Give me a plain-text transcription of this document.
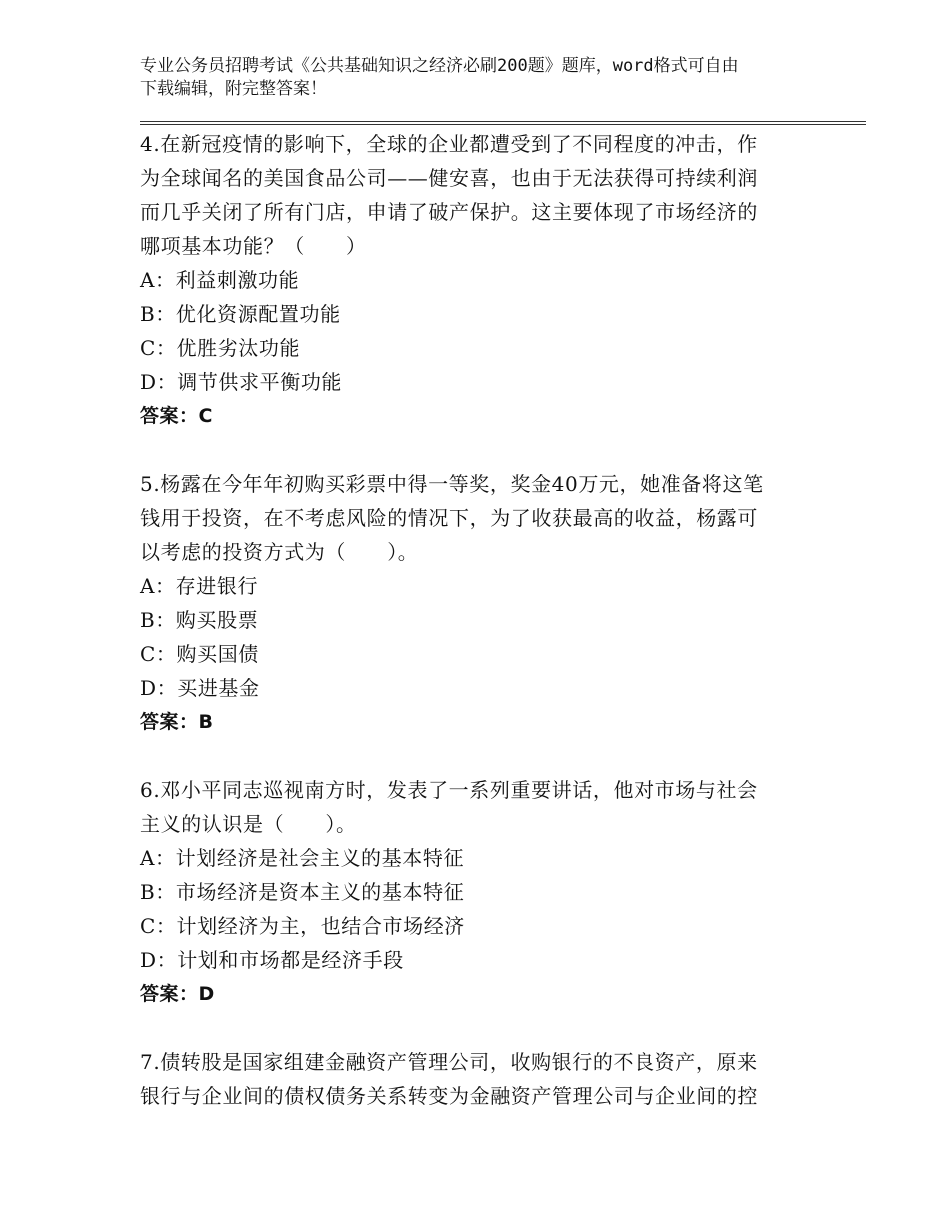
专业公务员招聘考试《公共基础知识之经济必刷200题》题库，word格式可自由
下载编辑，附完整答案！

4.在新冠疫情的影响下，全球的企业都遭受到了不同程度的冲击，作

为全球闻名的美国食品公司——健安喜，也由于无法获得可持续利润

而几乎关闭了所有门店，申请了破产保护。这主要体现了市场经济的

哪项基本功能？（　　）

A：利益刺激功能

B：优化资源配置功能

C：优胜劣汰功能

D：调节供求平衡功能

答案：C

5.杨露在今年年初购买彩票中得一等奖，奖金40万元，她准备将这笔

钱用于投资，在不考虑风险的情况下，为了收获最高的收益，杨露可

以考虑的投资方式为（　　）。

A：存进银行

B：购买股票

C：购买国债

D：买进基金

答案：B

6.邓小平同志巡视南方时，发表了一系列重要讲话，他对市场与社会

主义的认识是（　　）。

A：计划经济是社会主义的基本特征

B：市场经济是资本主义的基本特征

C：计划经济为主，也结合市场经济

D：计划和市场都是经济手段

答案：D

7.债转股是国家组建金融资产管理公司，收购银行的不良资产，原来

银行与企业间的债权债务关系转变为金融资产管理公司与企业间的控
